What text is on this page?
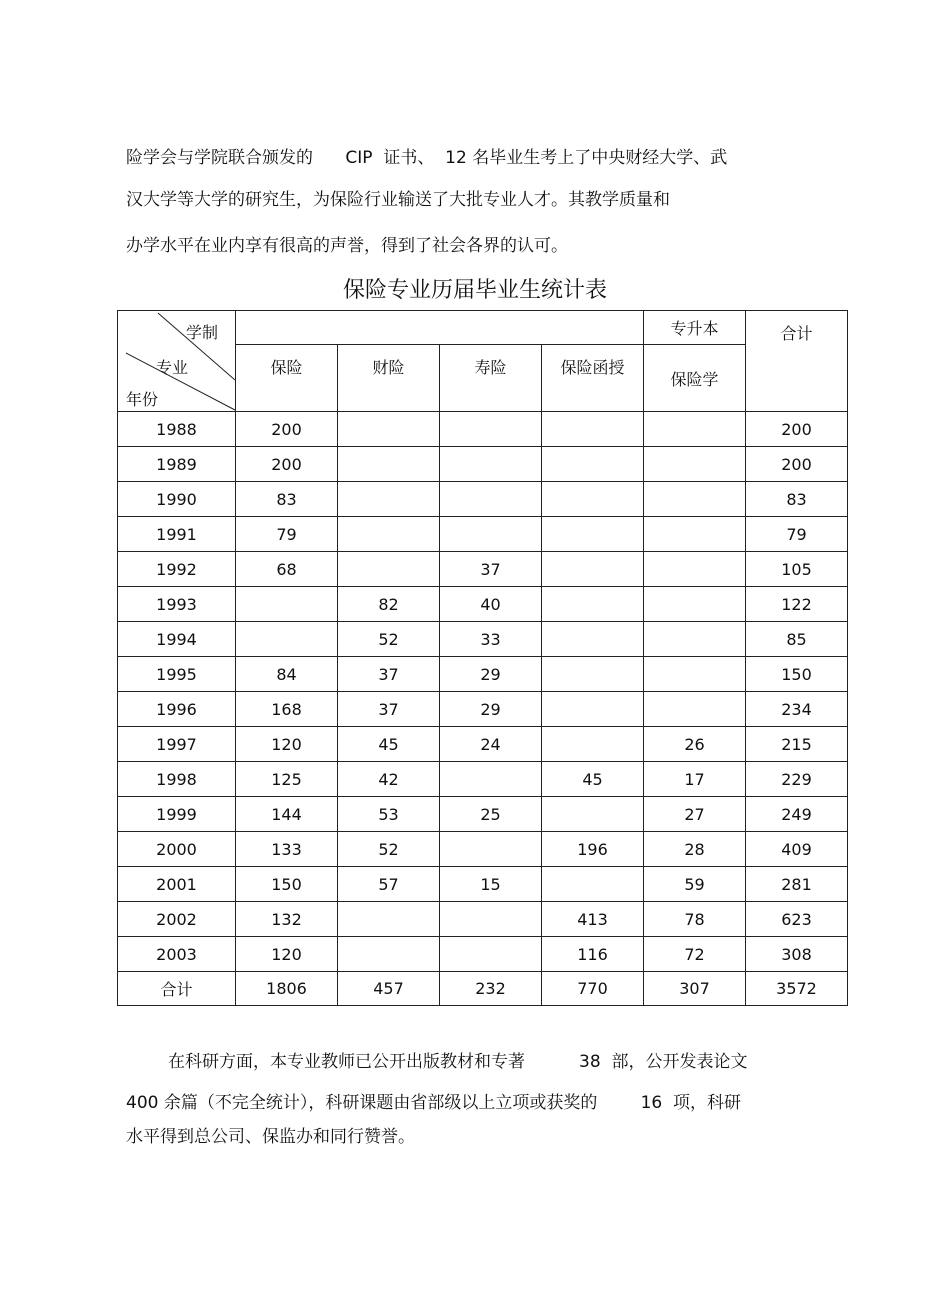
险学会与学院联合颁发的      CIP  证书、  12 名毕业生考上了中央财经大学、武
汉大学等大学的研究生，为保险行业输送了大批专业人才。其教学质量和
办学水平在业内享有很高的声誉，得到了社会各界的认可。
保险专业历届毕业生统计表
学制
专业
年份					专升本	合计
	保险	财险	寿险	保险函授	保险学	
1988	200					200
1989	200					200
1990	83					83
1991	79					79
1992	68		37			105
1993		82	40			122
1994		52	33			85
1995	84	37	29			150
1996	168	37	29			234
1997	120	45	24		26	215
1998	125	42		45	17	229
1999	144	53	25		27	249
2000	133	52		196	28	409
2001	150	57	15		59	281
2002	132			413	78	623
2003	120			116	72	308
合计	1806	457	232	770	307	3572
在科研方面，本专业教师已公开出版教材和专著          38  部，公开发表论文
400 余篇（不完全统计），科研课题由省部级以上立项或获奖的        16  项，科研
水平得到总公司、保监办和同行赞誉。
